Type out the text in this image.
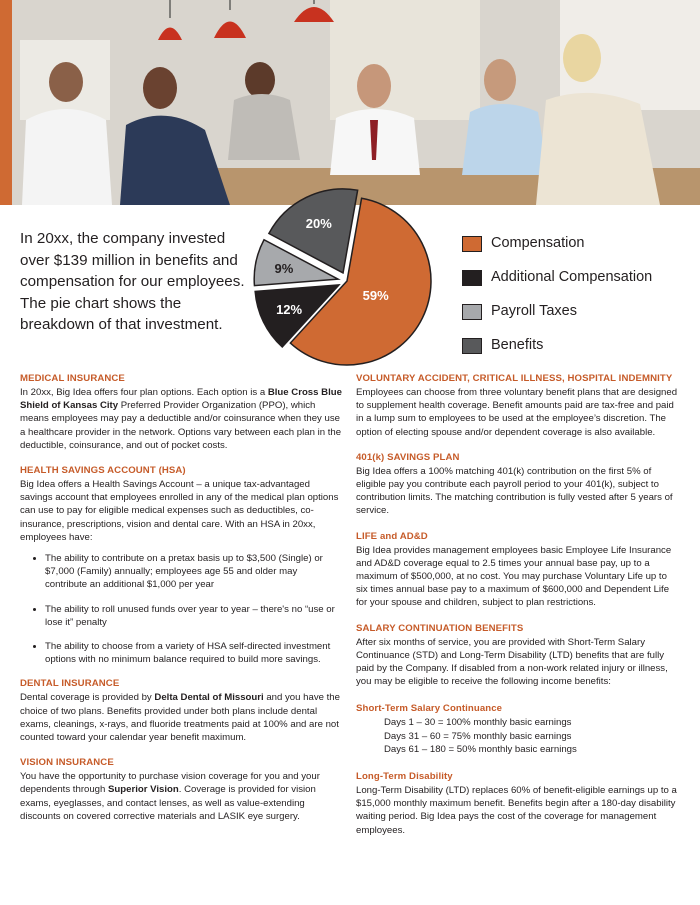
In 20xx, the company invested over $139 million in benefits and compensation for our employees. The pie chart shows the breakdown of that investment.

59%
12%
9%
20%
Compensation
Additional Compensation
Payroll Taxes
Benefits
MEDICAL INSURANCE

In 20xx, Big Idea offers four plan options. Each option is a Blue Cross Blue Shield of Kansas City Preferred Provider Organization (PPO), which means employees may pay a deductible and/or coinsurance when they use a healthcare provider in the network. Options vary between each plan in the deductible, coinsurance, and out of pocket costs.

HEALTH SAVINGS ACCOUNT (HSA)

Big Idea offers a Health Savings Account – a unique tax-advantaged savings account that employees enrolled in any of the medical plan options can use to pay for eligible medical expenses such as deductibles, co-insurance, prescriptions, vision and dental care. With an HSA in 20xx, employees have:

• The ability to contribute on a pretax basis up to $3,500 (Single) or $7,000 (Family) annually; employees age 55 and older may contribute an additional $1,000 per year
• The ability to roll unused funds over year to year – there's no “use or lose it” penalty
• The ability to choose from a variety of HSA self-directed investment options with no minimum balance required to build more savings.
DENTAL INSURANCE

Dental coverage is provided by Delta Dental of Missouri and you have the choice of two plans. Benefits provided under both plans include dental exams, cleanings, x-rays, and fluoride treatments paid at 100% and are not counted toward your calendar year benefit maximum.

VISION INSURANCE

You have the opportunity to purchase vision coverage for you and your dependents through Superior Vision. Coverage is provided for vision exams, eyeglasses, and contact lenses, as well as value-extending discounts on covered corrective materials and LASIK eye surgery.

VOLUNTARY ACCIDENT, CRITICAL ILLNESS, HOSPITAL INDEMNITY

Employees can choose from three voluntary benefit plans that are designed to supplement health coverage. Benefit amounts paid are tax-free and paid in a lump sum to employees to be used at the employee’s discretion. The option of electing spouse and/or dependent coverage is also available.

401(k) SAVINGS PLAN

Big Idea offers a 100% matching 401(k) contribution on the first 5% of eligible pay you contribute each payroll period to your 401(k), subject to contribution limits. The matching contribution is fully vested after 5 years of service.

LIFE and AD&D

Big Idea provides management employees basic Employee Life Insurance and AD&D coverage equal to 2.5 times your annual base pay, up to a maximum of $500,000, at no cost. You may purchase Voluntary Life up to six times annual base pay to a maximum of $600,000 and Dependent Life for your spouse and children, subject to plan restrictions.

SALARY CONTINUATION BENEFITS

After six months of service, you are provided with Short-Term Salary Continuance (STD) and Long-Term Disability (LTD) benefits that are fully paid by the Company. If disabled from a non-work related injury or illness, you may be eligible to receive the following income benefits:

Short-Term Salary Continuance

Days 1 – 30 = 100% monthly basic earnings

Days 31 – 60 = 75% monthly basic earnings

Days 61 – 180 = 50% monthly basic earnings

Long-Term Disability

Long-Term Disability (LTD) replaces 60% of benefit-eligible earnings up to a $15,000 monthly maximum benefit. Benefits begin after a 180-day disability waiting period. Big Idea pays the cost of the coverage for management employees.
